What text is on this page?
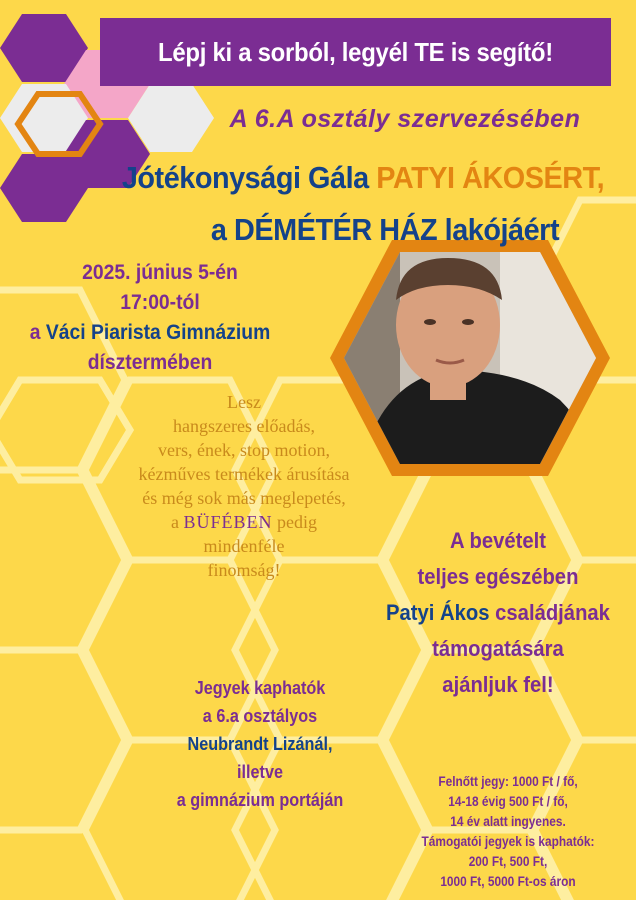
Lépj ki a sorból, legyél TE is segítő!
A 6.A osztály szervezésében
Jótékonysági Gála PATYI ÁKOSÉRT,
a DÉMÉTÉR HÁZ lakójáért
2025. június 5-én
17:00-tól
a Váci Piarista Gimnázium
dísztermében
Lesz
hangszeres előadás,
vers, ének, stop motion,
kézműves termékek árusítása
és még sok más meglepetés,
a BÜFÉBEN pedig
mindenféle
finomság!
A bevételt
teljes egészében
Patyi Ákos családjának
támogatására
ajánljuk fel!
Jegyek kaphatók
a 6.a osztályos
Neubrandt Lizánál,
illetve
a gimnázium portáján
Felnőtt jegy: 1000 Ft / fő,
14-18 évig 500 Ft / fő,
14 év alatt ingyenes.
Támogatói jegyek is kaphatók:
200 Ft, 500 Ft,
1000 Ft, 5000 Ft-os áron
